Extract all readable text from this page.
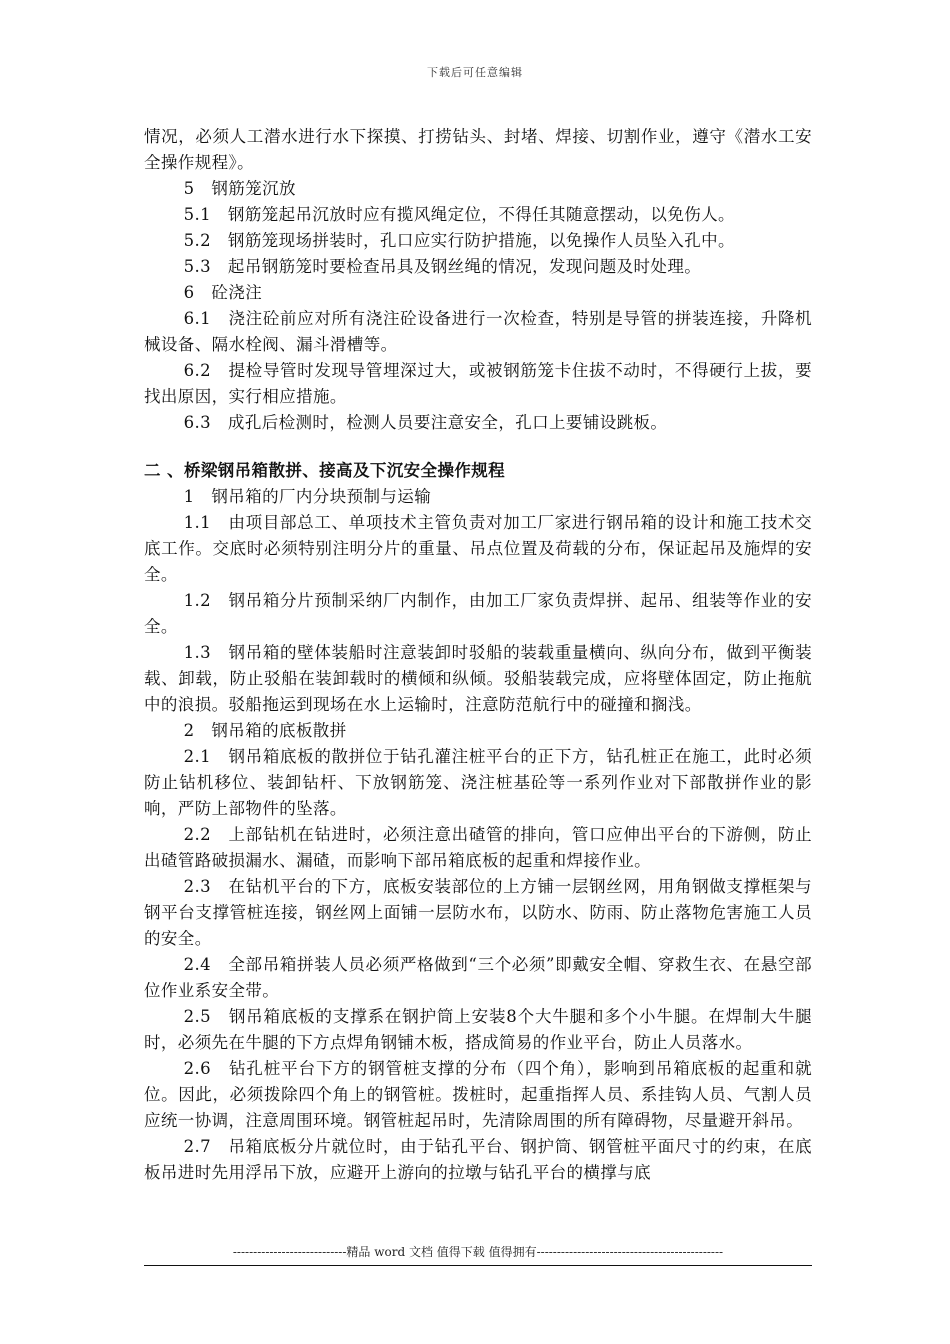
下载后可任意编辑

情况，必须人工潜水进行水下探摸、打捞钻头、封堵、焊接、切割作业，遵守《潜水工安全操作规程》。

5　钢筋笼沉放

5.1　钢筋笼起吊沉放时应有揽风绳定位，不得任其随意摆动，以免伤人。

5.2　钢筋笼现场拼装时，孔口应实行防护措施，以免操作人员坠入孔中。

5.3　起吊钢筋笼时要检查吊具及钢丝绳的情况，发现问题及时处理。

6　砼浇注

6.1　浇注砼前应对所有浇注砼设备进行一次检查，特别是导管的拼装连接，升降机械设备、隔水栓阀、漏斗滑槽等。

6.2　提检导管时发现导管埋深过大，或被钢筋笼卡住拔不动时，不得硬行上拔，要找出原因，实行相应措施。

6.3　成孔后检测时，检测人员要注意安全，孔口上要铺设跳板。

二 、桥梁钢吊箱散拼、接高及下沉安全操作规程

1　钢吊箱的厂内分块预制与运输

1.1　由项目部总工、单项技术主管负责对加工厂家进行钢吊箱的设计和施工技术交底工作。交底时必须特别注明分片的重量、吊点位置及荷载的分布，保证起吊及施焊的安全。

1.2　钢吊箱分片预制采纳厂内制作，由加工厂家负责焊拼、起吊、组装等作业的安全。

1.3　钢吊箱的壁体装船时注意装卸时驳船的装载重量横向、纵向分布，做到平衡装载、卸载，防止驳船在装卸载时的横倾和纵倾。驳船装载完成，应将壁体固定，防止拖航中的浪损。驳船拖运到现场在水上运输时，注意防范航行中的碰撞和搁浅。

2　钢吊箱的底板散拼

2.1　钢吊箱底板的散拼位于钻孔灌注桩平台的正下方，钻孔桩正在施工，此时必须防止钻机移位、装卸钻杆、下放钢筋笼、浇注桩基砼等一系列作业对下部散拼作业的影响，严防上部物件的坠落。

2.2　上部钻机在钻进时，必须注意出碴管的排向，管口应伸出平台的下游侧，防止出碴管路破损漏水、漏碴，而影响下部吊箱底板的起重和焊接作业。

2.3　在钻机平台的下方，底板安装部位的上方铺一层钢丝网，用角钢做支撑框架与钢平台支撑管桩连接，钢丝网上面铺一层防水布，以防水、防雨、防止落物危害施工人员的安全。

2.4　全部吊箱拼装人员必须严格做到“三个必须”即戴安全帽、穿救生衣、在悬空部位作业系安全带。

2.5　钢吊箱底板的支撑系在钢护筒上安装8个大牛腿和多个小牛腿。在焊制大牛腿时，必须先在牛腿的下方点焊角钢铺木板，搭成简易的作业平台，防止人员落水。

2.6　钻孔桩平台下方的钢管桩支撑的分布（四个角），影响到吊箱底板的起重和就位。因此，必须拨除四个角上的钢管桩。拨桩时，起重指挥人员、系挂钩人员、气割人员应统一协调，注意周围环境。钢管桩起吊时，先清除周围的所有障碍物，尽量避开斜吊。

2.7　吊箱底板分片就位时，由于钻孔平台、钢护筒、钢管桩平面尺寸的约束，在底板吊进时先用浮吊下放，应避开上游向的拉墩与钻孔平台的横撑与底

----------------------------精品 word 文档 值得下载 值得拥有----------------------------------------------
